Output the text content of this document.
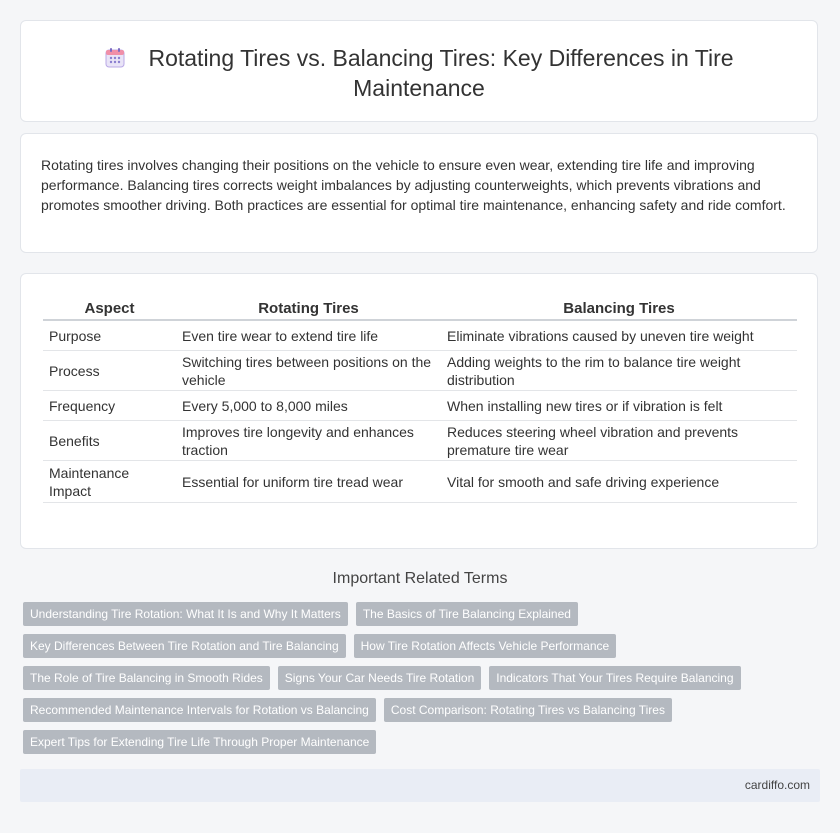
Rotating Tires vs. Balancing Tires: Key Differences in Tire Maintenance

Rotating tires involves changing their positions on the vehicle to ensure even wear, extending tire life and improving performance. Balancing tires corrects weight imbalances by adjusting counterweights, which prevents vibrations and promotes smoother driving. Both practices are essential for optimal tire maintenance, enhancing safety and ride comfort.

Aspect	Rotating Tires	Balancing Tires
Purpose	Even tire wear to extend tire life	Eliminate vibrations caused by uneven tire weight
Process	Switching tires between positions on the vehicle	Adding weights to the rim to balance tire weight distribution
Frequency	Every 5,000 to 8,000 miles	When installing new tires or if vibration is felt
Benefits	Improves tire longevity and enhances traction	Reduces steering wheel vibration and prevents premature tire wear
Maintenance Impact	Essential for uniform tire tread wear	Vital for smooth and safe driving experience
Important Related Terms
Understanding Tire Rotation: What It Is and Why It Matters	The Basics of Tire Balancing Explained
Key Differences Between Tire Rotation and Tire Balancing	How Tire Rotation Affects Vehicle Performance
The Role of Tire Balancing in Smooth Rides	Signs Your Car Needs Tire Rotation	Indicators That Your Tires Require Balancing
Recommended Maintenance Intervals for Rotation vs Balancing	Cost Comparison: Rotating Tires vs Balancing Tires
Expert Tips for Extending Tire Life Through Proper Maintenance
cardiffo.com
